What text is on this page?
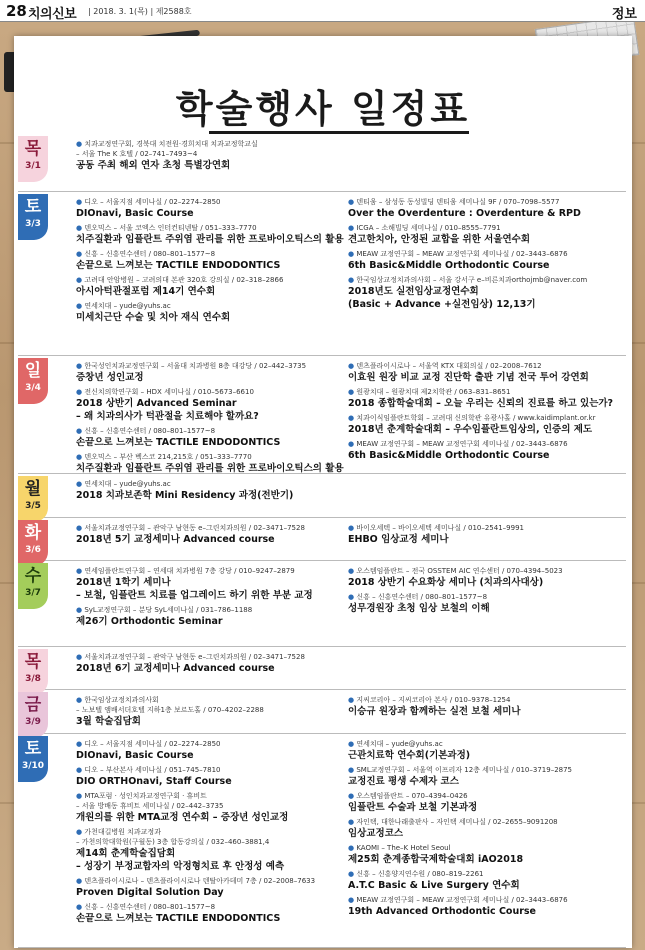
28 치의신보 | 2018. 3. 1(목) | 제2588호	정보
학술행사 일정표
목
3/1
● 치과교정연구회, 경북대 치전원·경희치대 치과교정학교실
– 서울 The K 호텔 / 02–741–7493~4
공동 주최 해외 연자 초청 특별강연회
토
3/3
● 디오 – 서울지점 세미나실 / 02–2274–2850
DIOnavi, Basic Course
● 덴오믹스 – 서울 코엑스 인터컨티넨탈 / 051–333–7770
치주질환과 임플란트 주위염 관리를 위한 프로바이오틱스의 활용
● 신흥 – 신흥연수센터 / 080–801–1577~8
손끝으로 느껴보는 TACTILE ENDODONTICS
● 고려대 안암병원 – 고려의대 본관 320호 강의실 / 02–318–2866
아시아턱관절포럼 제14기 연수회
● 연세치대 – yude@yuhs.ac
미세치근단 수술 및 치아 재식 연수회
● 덴티움 – 삼성동 동성빌딩 덴티움 세미나실 9F / 070–7098–5577
Over the Overdenture : Overdenture & RPD
● ICGA – 소해빌딩 세미나실 / 010–8555–7791
견고한치아, 안정된 교합을 위한 서울연수회
● MEAW 교정연구회 – MEAW 교정연구회 세미나실 / 02–3443–6876
6th Basic&Middle Orthodontic Course
● 한국임상교정치과의사회 – 서울 강서구 e–비른치과orthojmb@naver.com
2018년도 실전임상교정연수회
(Basic + Advance +실전임상) 12,13기
일
3/4
● 한국성인치과교정연구회 – 서울대 치과병원 8층 대강당 / 02–442–3735
증창년 성인교정
● 전신치의학연구회 – HDX 세미나실 / 010–5673–6610
2018 상반기 Advanced Seminar
– 왜 치과의사가 턱관절을 치료해야 할까요?
● 신흥 – 신흥연수센터 / 080–801–1577~8
손끝으로 느껴보는 TACTILE ENDODONTICS
● 덴오믹스 – 부산 벡스코 214,215호 / 051–333–7770
치주질환과 임플란트 주위염 관리를 위한 프로바이오틱스의 활용
● 덴츠플라이시로나 – 서울역 KTX 대회의실 / 02–2008–7612
이효원 원장 비교 교정 진단학 출판 기념 전국 투어 강연회
● 원광치대 – 원광치대 제2치학관 / 063–831–8651
2018 종합학술대회 – 오늘 우리는 신뢰의 진료를 하고 있는가?
● 치과이식임플란트학회 – 고려대 신의학관 유광사홀 / www.kaidimplant.or.kr
2018년 춘계학술대회 – 우수임플란트임상의, 인증의 제도
● MEAW 교정연구회 – MEAW 교정연구회 세미나실 / 02–3443–6876
6th Basic&Middle Orthodontic Course
월
3/5
● 연세치대 – yude@yuhs.ac
2018 치과보존학 Mini Residency 과정(전반기)
화
3/6
● 서울치과교정연구회 – 관악구 남현동 e–그린치과의원 / 02–3471–7528
2018년 5기 교정세미나 Advanced course
● 바이오세텍 – 바이오세텍 세미나실 / 010–2541–9991
EHBO 임상교정 세미나
수
3/7
● 연세임플란트연구회 – 연세대 치과병원 7층 강당 / 010–9247–2879
2018년 1학기 세미나
– 보철, 임플란트 치료를 업그레이드 하기 위한 부분 교정
● SyL교정연구회 – 분당 SyL세미나실 / 031–786–1188
제26기 Orthodontic Seminar
● 오스템임플란트 – 전국 OSSTEM AIC 연수센터 / 070–4394–5023
2018 상반기 수요화상 세미나 (치과의사대상)
● 신흥 – 신흥연수센터 / 080–801–1577~8
성무경원장 초청 임상 보철의 이해
목
3/8
● 서울치과교정연구회 – 관악구 남현동 e–그린치과의원 / 02–3471–7528
2018년 6기 교정세미나 Advanced course
금
3/9
● 한국임상교정치과의사회
– 노보텔 앰배서더호텔 지하1층 보르도홀 / 070–4202–2288
3월 학술집담회
● 지씨코리아 – 지씨코리아 본사 / 010–9378–1254
이승규 원장과 함께하는 실전 보철 세미나
토
3/10
● 디오 – 서울지점 세미나실 / 02–2274–2850
DIOnavi, Basic Course
● 디오 – 부산본사 세미나실 / 051–745–7810
DIO ORTHOnavi, Staff Course
● MTA포럼 · 성인치과교정연구회 · 휴비트
– 서울 방배동 휴비트 세미나실 / 02–442–3735
개원의를 위한 MTA교정 연수회 – 증장년 성인교정
● 가천대길병원 치과교정과
– 가천의학대학원(구월동) 3층 합동강의실 / 032–460–3881,4
제14회 춘계학술집담회
– 성장기 부정교합자의 악정형치료 후 안정성 예측
● 덴츠플라이시로나 – 덴츠플라이시로나 덴탈아카데미 7층 / 02–2008–7633
Proven Digital Solution Day
● 신흥 – 신흥연수센터 / 080–801–1577~8
손끝으로 느껴보는 TACTILE ENDODONTICS
● 연세치대 – yude@yuhs.ac
근관치료학 연수회(기본과정)
● SML교정연구회 – 서울역 이프리자 12층 세미나실 / 010–3719–2875
교정진료 평생 수제자 코스
● 오스템임플란트 – 070–4394–0426
임플란트 수술과 보철 기본과정
● 자인택, 대한나래출판사 – 자인택 세미나실 / 02–2655–9091208
임상교정코스
● KAOMI – The–K Hotel Seoul
제25회 춘계종합국제학술대회 iAO2018
● 신흥 – 신흥양지연수원 / 080–819–2261
A.T.C Basic & Live Surgery 연수회
● MEAW 교정연구회 – MEAW 교정연구회 세미나실 / 02–3443–6876
19th Advanced Orthodontic Course
